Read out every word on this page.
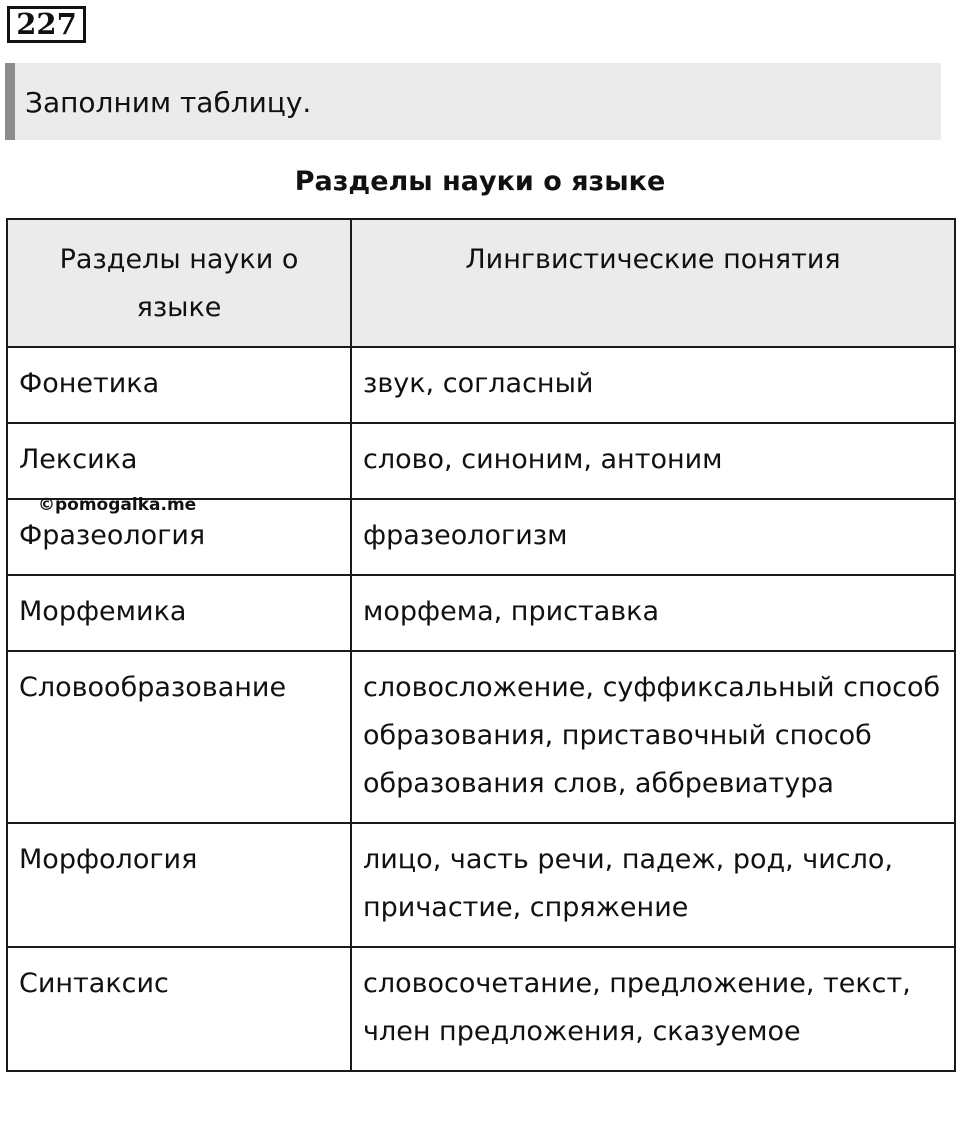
227
Заполним таблицу.
Разделы науки о языке
Разделы науки о языке	Лингвистические понятия
Фонетика	звук, согласный
Лексика	слово, синоним, антоним
Фразеология	фразеологизм
Морфемика	морфема, приставка
Словообразование	словосложение, суффиксальный способ образования, приставочный способ образования слов, аббревиатура
Морфология	лицо, часть речи, падеж, род, число, причастие, спряжение
Синтаксис	словосочетание, предложение, текст, член предложения, сказуемое
©pomogalka.me
